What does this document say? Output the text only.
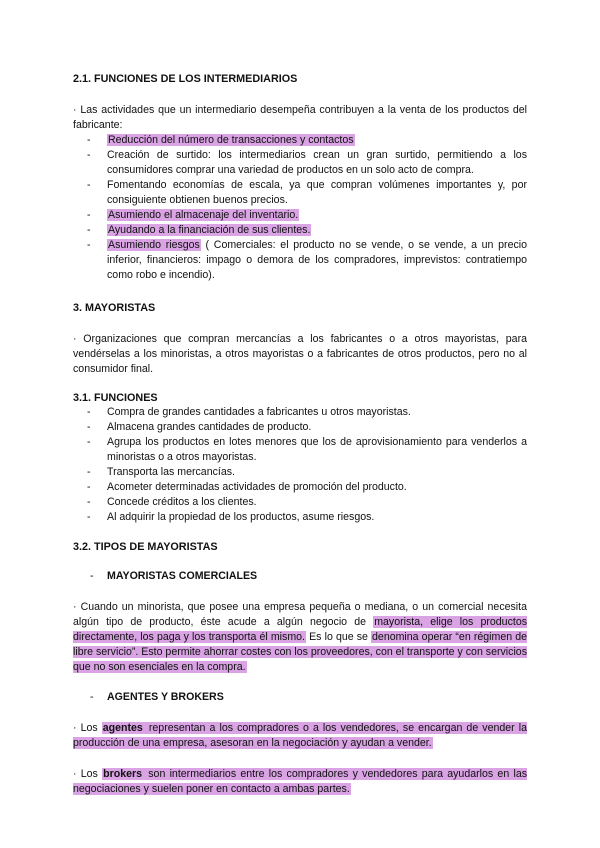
2.1. FUNCIONES DE LOS INTERMEDIARIOS

· Las actividades que un intermediario desempeña contribuyen a la venta de los productos del fabricante:

- Reducción del número de transacciones y contactos
- Creación de surtido: los intermediarios crean un gran surtido, permitiendo a los consumidores comprar una variedad de productos en un solo acto de compra.
- Fomentando economías de escala, ya que compran volúmenes importantes y, por consiguiente obtienen buenos precios.
- Asumiendo el almacenaje del inventario.
- Ayudando a la financiación de sus clientes.
- Asumiendo riesgos ( Comerciales: el producto no se vende, o se vende, a un precio inferior, financieros: impago o demora de los compradores, imprevistos: contratiempo como robo e incendio).
3. MAYORISTAS

· Organizaciones que compran mercancías a los fabricantes o a otros mayoristas, para vendérselas a los minoristas, a otros mayoristas o a fabricantes de otros productos, pero no al consumidor final.

3.1. FUNCIONES
- Compra de grandes cantidades a fabricantes u otros mayoristas.
- Almacena grandes cantidades de producto.
- Agrupa los productos en lotes menores que los de aprovisionamiento para venderlos a minoristas o a otros mayoristas.
- Transporta las mercancías.
- Acometer determinadas actividades de promoción del producto.
- Concede créditos a los clientes.
- Al adquirir la propiedad de los productos, asume riesgos.
3.2. TIPOS DE MAYORISTAS
- MAYORISTAS COMERCIALES

· Cuando un minorista, que posee una empresa pequeña o mediana, o un comercial necesita algún tipo de producto, éste acude a algún negocio de mayorista, elige los productos directamente, los paga y los transporta él mismo. Es lo que se denomina operar “en régimen de libre servicio”. Esto permite ahorrar costes con los proveedores, con el transporte y con servicios que no son esenciales en la compra.

- AGENTES Y BROKERS

· Los agentes representan a los compradores o a los vendedores, se encargan de vender la producción de una empresa, asesoran en la negociación y ayudan a vender.

· Los brokers son intermediarios entre los compradores y vendedores para ayudarlos en las negociaciones y suelen poner en contacto a ambas partes.
